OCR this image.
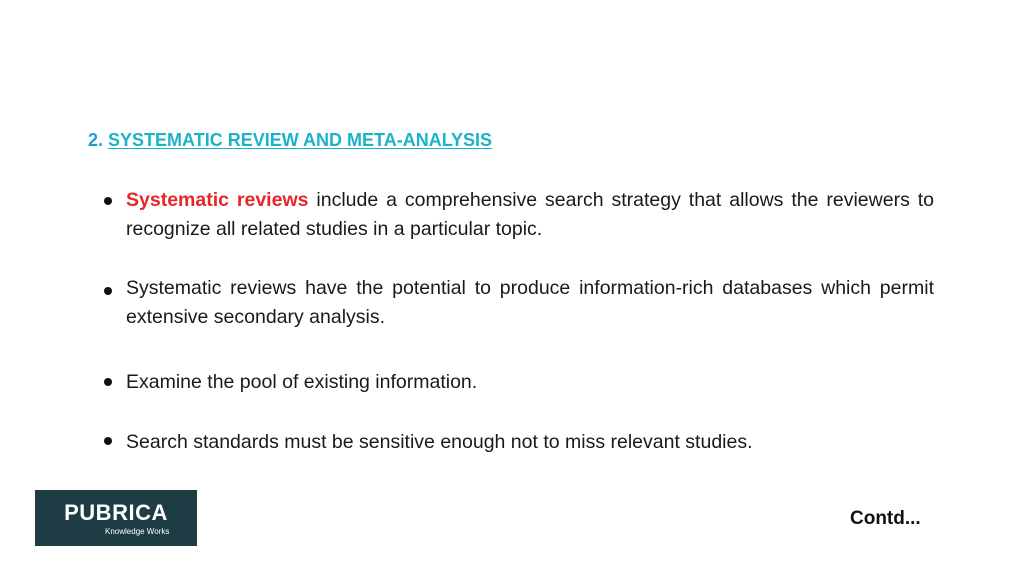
2. SYSTEMATIC REVIEW AND META-ANALYSIS
Systematic reviews include a comprehensive search strategy that allows the reviewers to recognize all related studies in a particular topic.
Systematic reviews have the potential to produce information-rich databases which permit extensive secondary analysis.
Examine the pool of existing information.
Search standards must be sensitive enough not to miss relevant studies.
PUBRICA
Knowledge Works
Contd...
